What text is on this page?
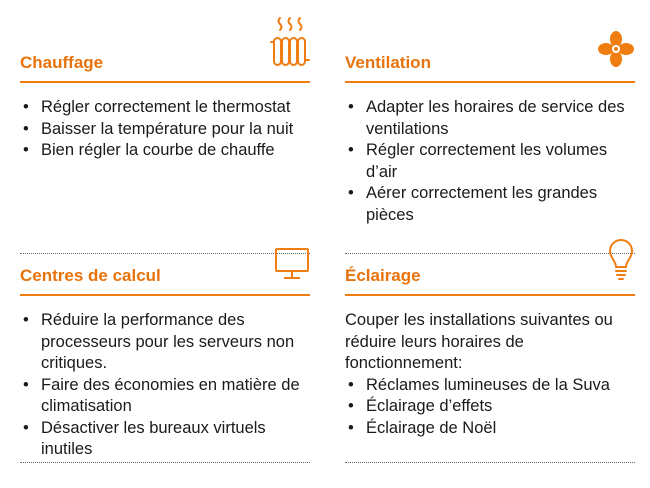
Chauffage
• Régler correctement le thermostat
• Baisser la température pour la nuit
• Bien régler la courbe de chauffe
Ventilation
• Adapter les horaires de service des ventilations
• Régler correctement les volumes d’air
• Aérer correctement les grandes pièces
Centres de calcul
• Réduire la performance des processeurs pour les serveurs non critiques.
• Faire des économies en matière de climatisation
• Désactiver les bureaux virtuels inutiles
Éclairage

Couper les installations suivantes ou réduire leurs horaires de fonctionnement:

• Réclames lumineuses de la Suva
• Éclairage d’effets
• Éclairage de Noël
